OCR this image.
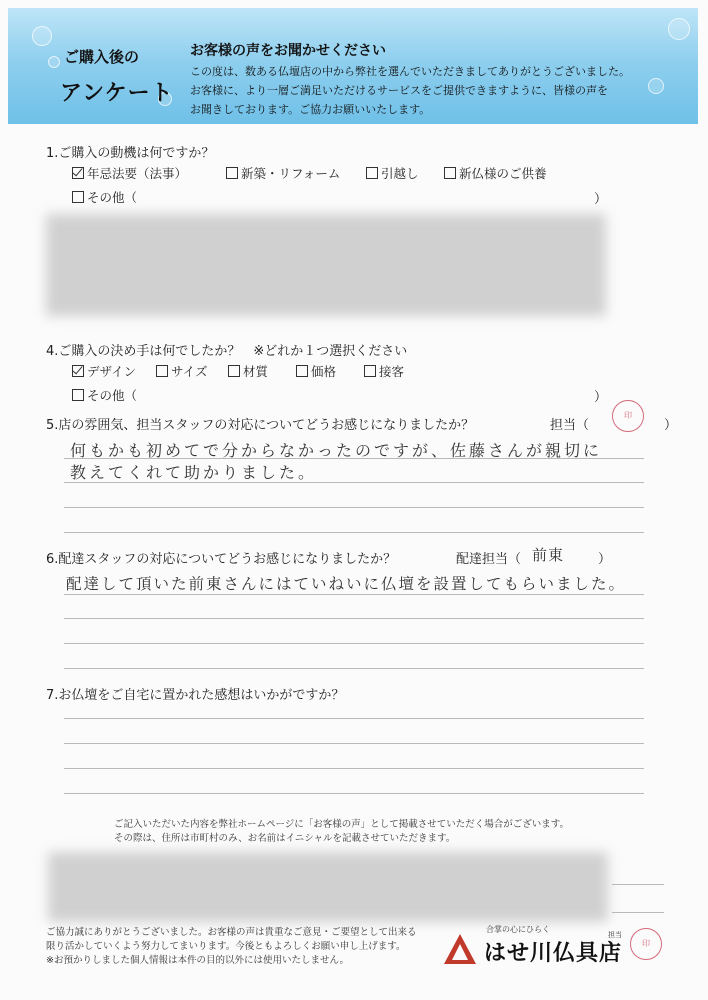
ご購入後の
アンケート
お客様の声をお聞かせください
この度は、数ある仏壇店の中から弊社を選んでいただきましてありがとうございました。
お客様に、より一層ご満足いただけるサービスをご提供できますように、皆様の声を
お聞きしております。ご協力お願いいたします。
1.ご購入の動機は何ですか？
年忌法要（法事）	新築・リフォーム	引越し	新仏様のご供養
その他（	）
4.ご購入の決め手は何でしたか？　※どれか１つ選択ください
デザイン	サイズ	材質	価格	接客
その他（	）
5.店の雰囲気、担当スタッフの対応についてどうお感じになりましたか？	担当（
印
）
何もかも初めてで分からなかったのですが、佐藤さんが親切に
教えてくれて助かりました。
6.配達スタッフの対応についてどうお感じになりましたか？	配達担当（ 前東	）
配達して頂いた前東さんにはていねいに仏壇を設置してもらいました。
7.お仏壇をご自宅に置かれた感想はいかがですか？
ご記入いただいた内容を弊社ホームページに「お客様の声」として掲載させていただく場合がございます。
その際は、住所は市町村のみ、お名前はイニシャルを記載させていただきます。
ご協力誠にありがとうございました。お客様の声は貴重なご意見・ご要望として出来る
限り活かしていくよう努力してまいります。今後ともよろしくお願い申し上げます。
※お預かりしました個人情報は本件の目的以外には使用いたしません。
合掌の心にひらく
はせ川仏具店
担当
印
